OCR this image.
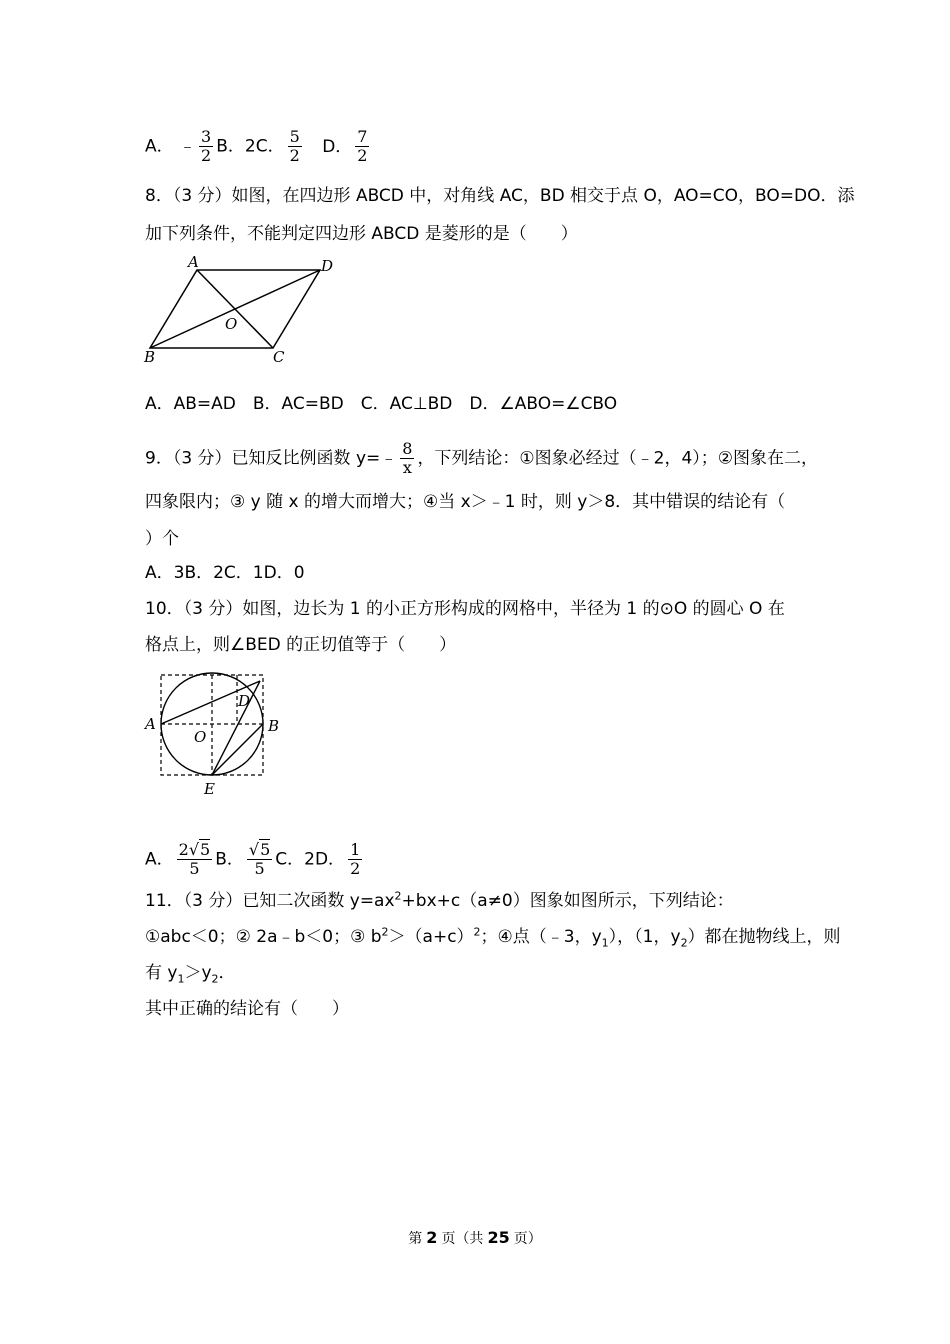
A． ﹣ $\frac{3}{2}$ B．2C． $\frac{5}{2}$ D． $\frac{7}{2}$
8．（3 分）如图，在四边形 ABCD 中，对角线 AC，BD 相交于点 O，AO=CO，BO=DO．添
加下列条件，不能判定四边形 ABCD 是菱形的是（　　）
A	D
O
B	C
A．AB=AD　B．AC=BD　C．AC⊥BD　D．∠ABO=∠CBO
9．（3 分）已知反比例函数 y=﹣ $\frac{8}{x}$ ，下列结论：①图象必经过（﹣2，4）；②图象在二，
四象限内；③ y 随 x 的增大而增大；④当 x＞﹣1 时，则 y＞8．其中错误的结论有（
）个
A．3B．2C．1D．0
10．（3 分）如图，边长为 1 的小正方形构成的网格中，半径为 1 的⊙O 的圆心 O 在
格点上，则∠BED 的正切值等于（　　）
A
D
B
O
E
A． $\frac{2√5}{5}$ B． $\frac{√5}{5}$ C．2D． $\frac{1}{2}$
11．（3 分）已知二次函数 $y=ax^2+bx+c(a\ne 0)$图象如图所示，下列结论：
①abc＜0；② 2a﹣b＜0；③ $b^2>(a+c)^2$；④点（﹣3，$y_1$），（1，$y_2$）都在抛物线上，则
有 $y_1>y_2$．
其中正确的结论有（　　）
第 2 页（共 25 页）
